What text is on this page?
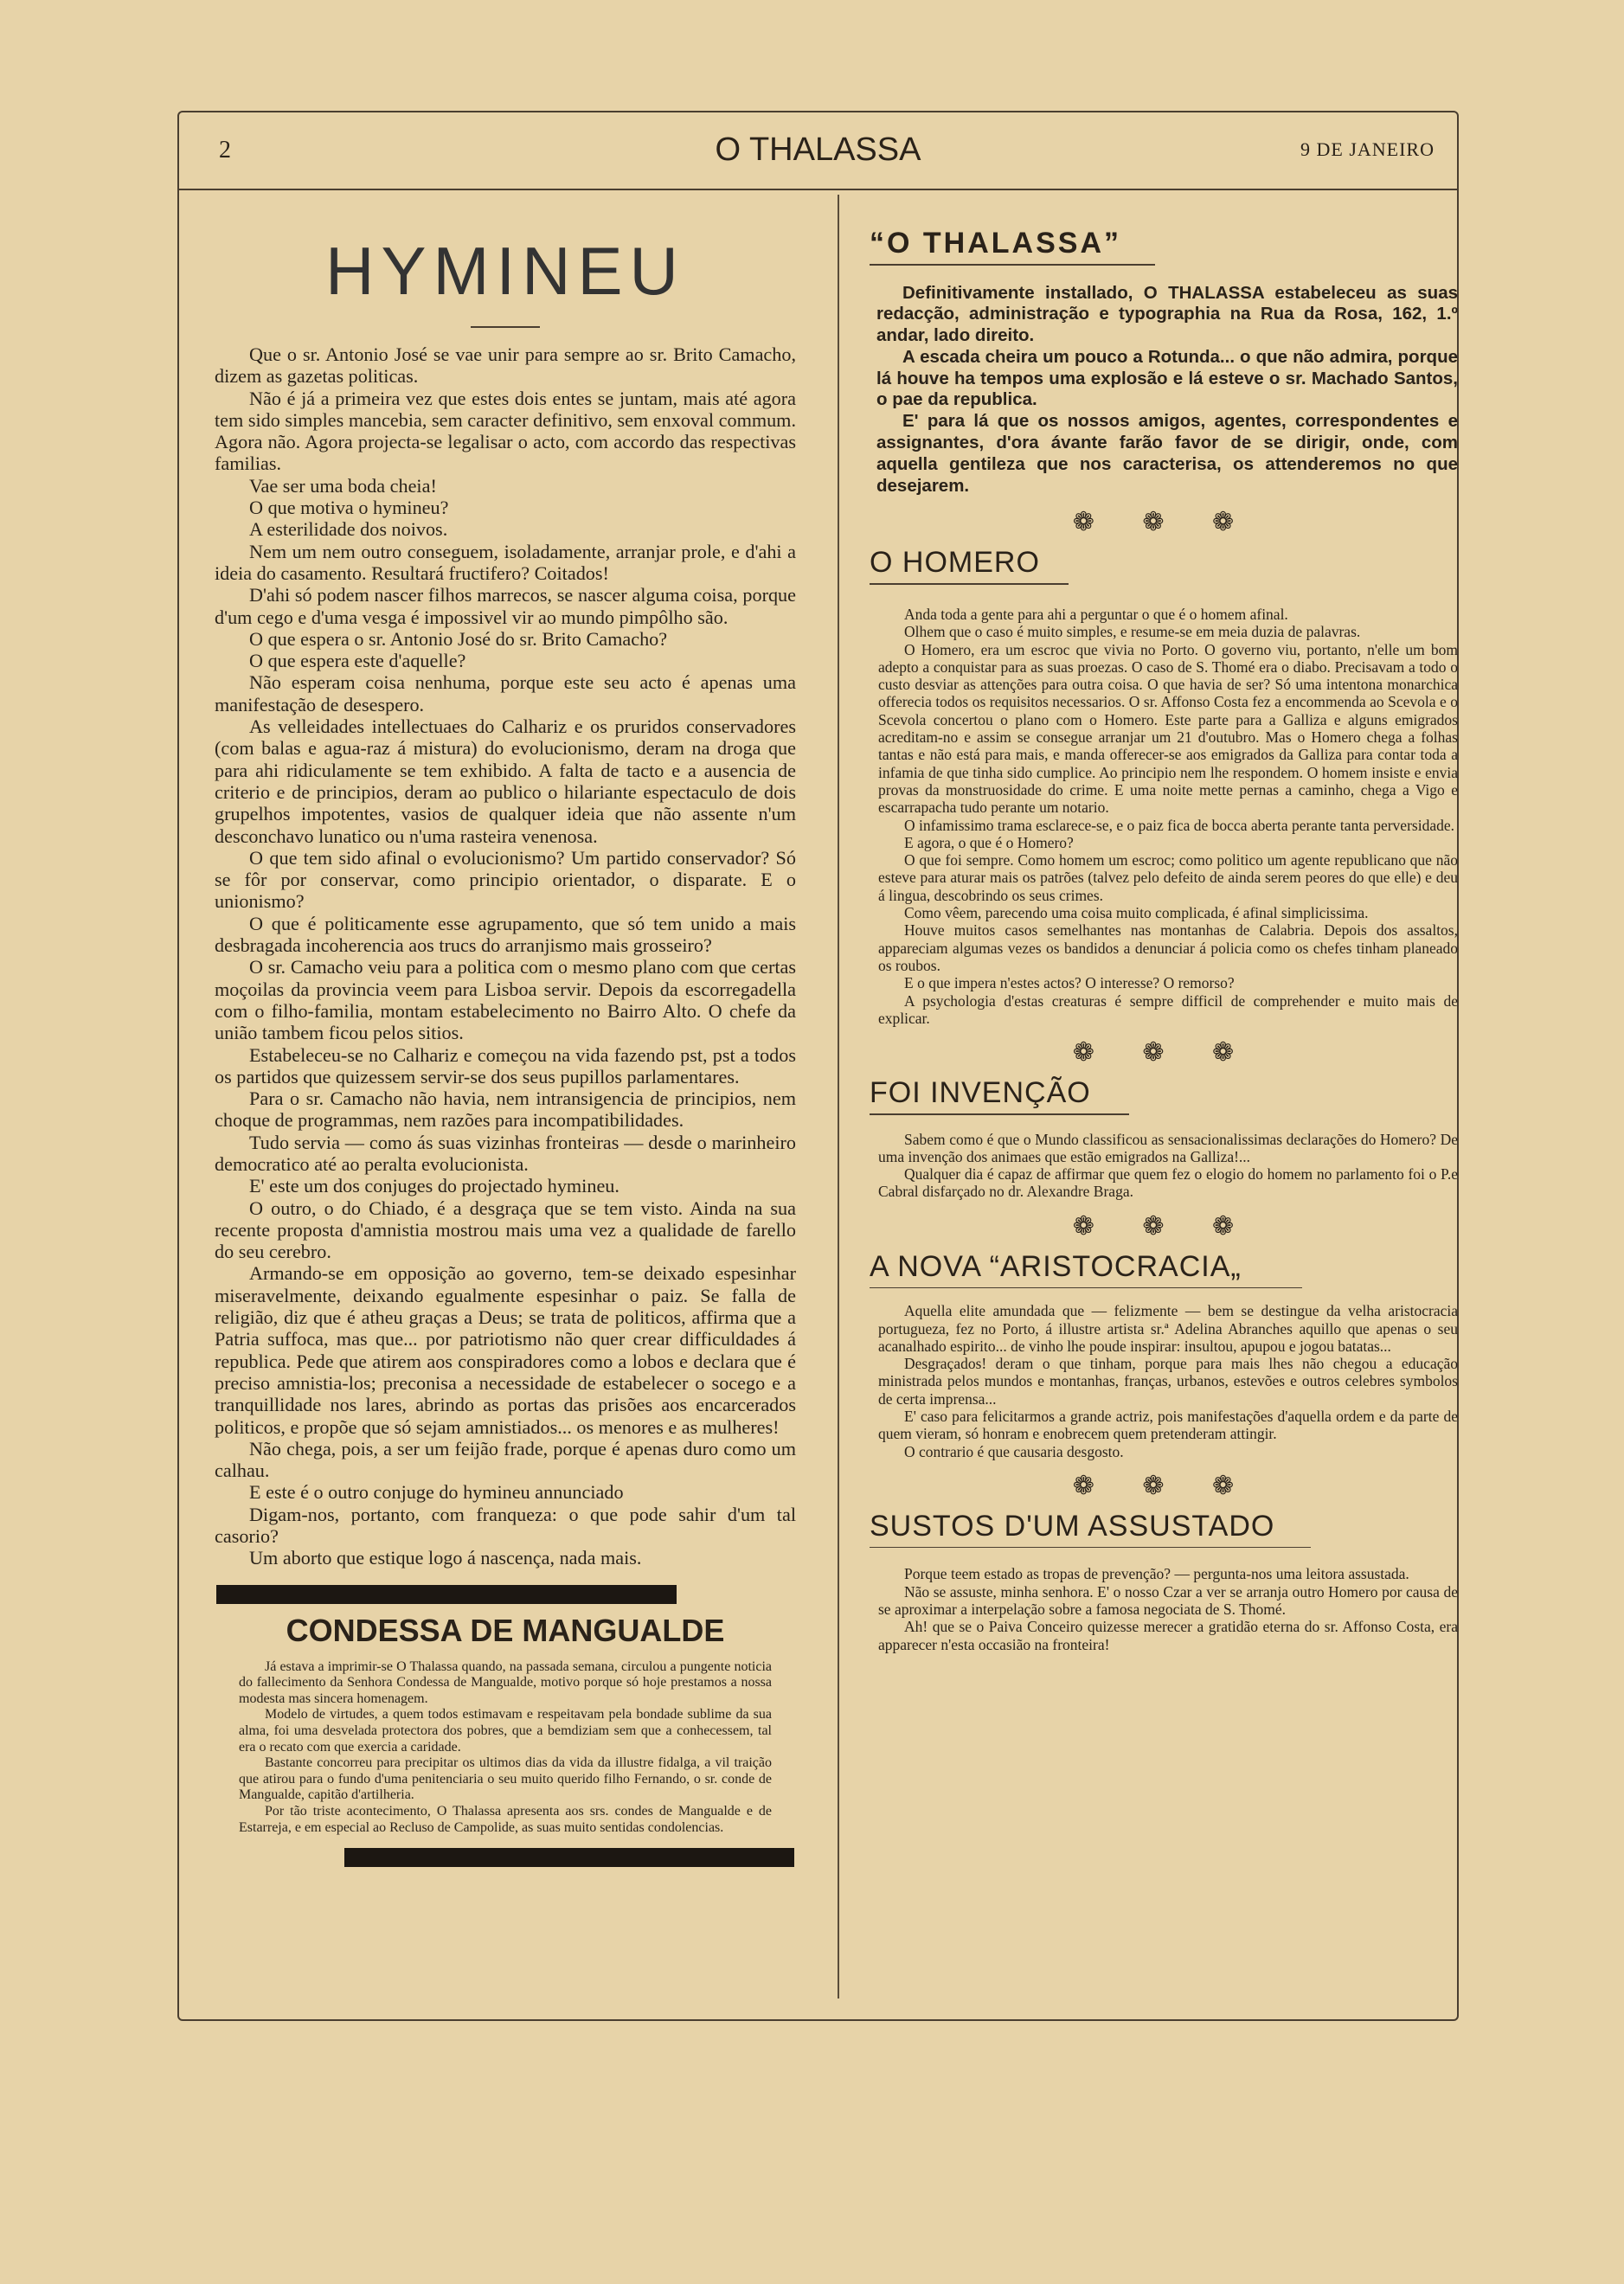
2	O THALASSA	9 DE JANEIRO
HYMINEU

Que o sr. Antonio José se vae unir para sempre ao sr. Brito Camacho, dizem as gazetas politicas.

Não é já a primeira vez que estes dois entes se juntam, mais até agora tem sido simples mancebia, sem caracter definitivo, sem enxoval commum. Agora não. Agora projecta-se legalisar o acto, com accordo das respectivas familias.

Vae ser uma boda cheia!

O que motiva o hymineu?

A esterilidade dos noivos.

Nem um nem outro conseguem, isoladamente, arranjar prole, e d'ahi a ideia do casamento. Resultará fructifero? Coitados!

D'ahi só podem nascer filhos marrecos, se nascer alguma coisa, porque d'um cego e d'uma vesga é impossivel vir ao mundo pimpôlho são.

O que espera o sr. Antonio José do sr. Brito Camacho?

O que espera este d'aquelle?

Não esperam coisa nenhuma, porque este seu acto é apenas uma manifestação de desespero.

As velleidades intellectuaes do Calhariz e os pruridos conservadores (com balas e agua-raz á mistura) do evolucionismo, deram na droga que para ahi ridiculamente se tem exhibido. A falta de tacto e a ausencia de criterio e de principios, deram ao publico o hilariante espectaculo de dois grupelhos impotentes, vasios de qualquer ideia que não assente n'um desconchavo lunatico ou n'uma rasteira venenosa.

O que tem sido afinal o evolucionismo? Um partido conservador? Só se fôr por conservar, como principio orientador, o disparate. E o unionismo?

O que é politicamente esse agrupamento, que só tem unido a mais desbragada incoherencia aos trucs do arranjismo mais grosseiro?

O sr. Camacho veiu para a politica com o mesmo plano com que certas moçoilas da provincia veem para Lisboa servir. Depois da escorregadella com o filho-familia, montam estabelecimento no Bairro Alto. O chefe da união tambem ficou pelos sitios.

Estabeleceu-se no Calhariz e começou na vida fazendo pst, pst a todos os partidos que quizessem servir-se dos seus pupillos parlamentares.

Para o sr. Camacho não havia, nem intransigencia de principios, nem choque de programmas, nem razões para incompatibilidades.

Tudo servia — como ás suas vizinhas fronteiras — desde o marinheiro democratico até ao peralta evolucionista.

E' este um dos conjuges do projectado hymineu.

O outro, o do Chiado, é a desgraça que se tem visto. Ainda na sua recente proposta d'amnistia mostrou mais uma vez a qualidade de farello do seu cerebro.

Armando-se em opposição ao governo, tem-se deixado espesinhar miseravelmente, deixando egualmente espesinhar o paiz. Se falla de religião, diz que é atheu graças a Deus; se trata de politicos, affirma que a Patria suffoca, mas que... por patriotismo não quer crear difficuldades á republica. Pede que atirem aos conspiradores como a lobos e declara que é preciso amnistia-los; preconisa a necessidade de estabelecer o socego e a tranquillidade nos lares, abrindo as portas das prisões aos encarcerados politicos, e propõe que só sejam amnistiados... os menores e as mulheres!

Não chega, pois, a ser um feijão frade, porque é apenas duro como um calhau.

E este é o outro conjuge do hymineu annunciado

Digam-nos, portanto, com franqueza: o que pode sahir d'um tal casorio?

Um aborto que estique logo á nascença, nada mais.

CONDESSA DE MANGUALDE

Já estava a imprimir-se O Thalassa quando, na passada semana, circulou a pungente noticia do fallecimento da Senhora Condessa de Mangualde, motivo porque só hoje prestamos a nossa modesta mas sincera homenagem.

Modelo de virtudes, a quem todos estimavam e respeitavam pela bondade sublime da sua alma, foi uma desvelada protectora dos pobres, que a bemdiziam sem que a conhecessem, tal era o recato com que exercia a caridade.

Bastante concorreu para precipitar os ultimos dias da vida da illustre fidalga, a vil traição que atirou para o fundo d'uma penitenciaria o seu muito querido filho Fernando, o sr. conde de Mangualde, capitão d'artilheria.

Por tão triste acontecimento, O Thalassa apresenta aos srs. condes de Mangualde e de Estarreja, e em especial ao Recluso de Campolide, as suas muito sentidas condolencias.

“O THALASSA”

Definitivamente installado, O THALASSA estabeleceu as suas redacção, administração e typographia na Rua da Rosa, 162, 1.º andar, lado direito.

A escada cheira um pouco a Rotunda... o que não admira, porque lá houve ha tempos uma explosão e lá esteve o sr. Machado Santos, o pae da republica.

E' para lá que os nossos amigos, agentes, correspondentes e assignantes, d'ora ávante farão favor de se dirigir, onde, com aquella gentileza que nos caracterisa, os attenderemos no que desejarem.

❁ ❁ ❁
O HOMERO

Anda toda a gente para ahi a perguntar o que é o homem afinal.

Olhem que o caso é muito simples, e resume-se em meia duzia de palavras.

O Homero, era um escroc que vivia no Porto. O governo viu, portanto, n'elle um bom adepto a conquistar para as suas proezas. O caso de S. Thomé era o diabo. Precisavam a todo o custo desviar as attenções para outra coisa. O que havia de ser? Só uma intentona monarchica offerecia todos os requisitos necessarios. O sr. Affonso Costa fez a encommenda ao Scevola e o Scevola concertou o plano com o Homero. Este parte para a Galliza e alguns emigrados acreditam-no e assim se consegue arranjar um 21 d'outubro. Mas o Homero chega a folhas tantas e não está para mais, e manda offerecer-se aos emigrados da Galliza para contar toda a infamia de que tinha sido cumplice. Ao principio nem lhe respondem. O homem insiste e envia provas da monstruosidade do crime. E uma noite mette pernas a caminho, chega a Vigo e escarrapacha tudo perante um notario.

O infamissimo trama esclarece-se, e o paiz fica de bocca aberta perante tanta perversidade.

E agora, o que é o Homero?

O que foi sempre. Como homem um escroc; como politico um agente republicano que não esteve para aturar mais os patrões (talvez pelo defeito de ainda serem peores do que elle) e deu á lingua, descobrindo os seus crimes.

Como vêem, parecendo uma coisa muito complicada, é afinal simplicissima.

Houve muitos casos semelhantes nas montanhas de Calabria. Depois dos assaltos, appareciam algumas vezes os bandidos a denunciar á policia como os chefes tinham planeado os roubos.

E o que impera n'estes actos? O interesse? O remorso?

A psychologia d'estas creaturas é sempre difficil de comprehender e muito mais de explicar.

❁ ❁ ❁
FOI INVENÇÃO

Sabem como é que o Mundo classificou as sensacionalissimas declarações do Homero? De uma invenção dos animaes que estão emigrados na Galliza!...

Qualquer dia é capaz de affirmar que quem fez o elogio do homem no parlamento foi o P.e Cabral disfarçado no dr. Alexandre Braga.

❁ ❁ ❁
A NOVA “ARISTOCRACIA„

Aquella elite amundada que — felizmente — bem se destingue da velha aristocracia portugueza, fez no Porto, á illustre artista sr.ª Adelina Abranches aquillo que apenas o seu acanalhado espirito... de vinho lhe poude inspirar: insultou, apupou e jogou batatas...

Desgraçados! deram o que tinham, porque para mais lhes não chegou a educação ministrada pelos mundos e montanhas, franças, urbanos, estevões e outros celebres symbolos de certa imprensa...

E' caso para felicitarmos a grande actriz, pois manifestações d'aquella ordem e da parte de quem vieram, só honram e enobrecem quem pretenderam attingir.

O contrario é que causaria desgosto.

❁ ❁ ❁
SUSTOS D'UM ASSUSTADO

Porque teem estado as tropas de prevenção? — pergunta-nos uma leitora assustada.

Não se assuste, minha senhora. E' o nosso Czar a ver se arranja outro Homero por causa de se aproximar a interpelação sobre a famosa negociata de S. Thomé.

Ah! que se o Paiva Conceiro quizesse merecer a gratidão eterna do sr. Affonso Costa, era apparecer n'esta occasião na fronteira!
